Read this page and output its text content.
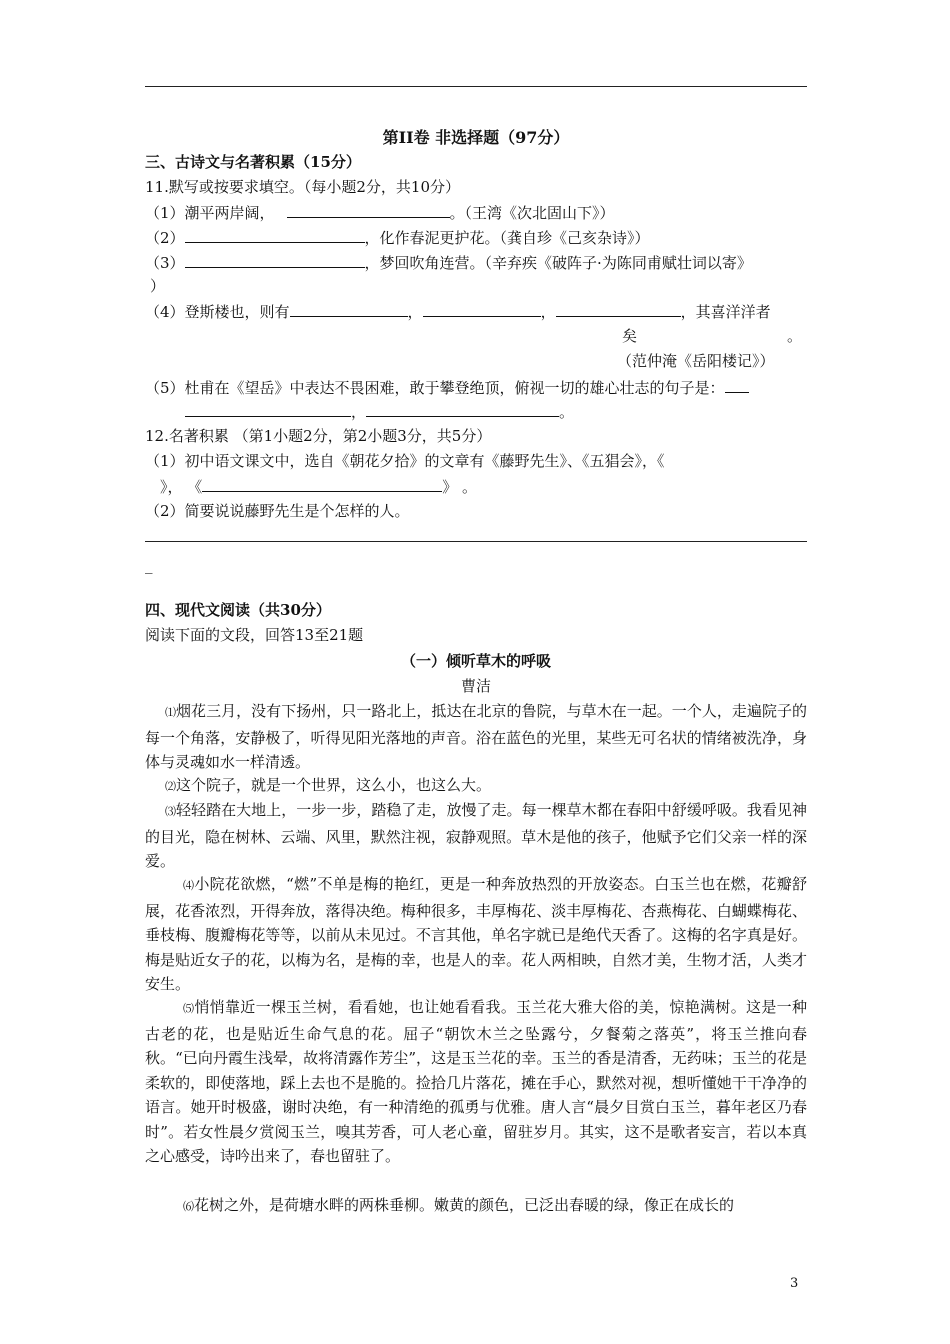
第II卷 非选择题（97分）
三、古诗文与名著积累（15分）
11.默写或按要求填空。（每小题2分，共10分）
（1）潮平两岸阔，	。（王湾《次北固山下》）
（2）	，化作春泥更护花。（龚自珍《己亥杂诗》）
（3）	，梦回吹角连营。（辛弃疾《破阵子·为陈同甫赋壮词以寄》
）
（4）登斯楼也，则有	，	，	，其喜洋洋者
矣	。
（范仲淹《岳阳楼记》）
（5）杜甫在《望岳》中表达不畏困难，敢于攀登绝顶，俯视一切的雄心壮志的句子是：
，	。
12.名著积累 （第1小题2分，第2小题3分，共5分）
（1）初中语文课文中，选自《朝花夕拾》的文章有《藤野先生》、《五猖会》，《
》， 《	》 。
（2）简要说说藤野先生是个怎样的人。
_
四、现代文阅读（共30分）
阅读下面的文段，回答13至21题
（一）倾听草木的呼吸
曹洁
⑴烟花三月，没有下扬州，只一路北上，抵达在北京的鲁院，与草木在一起。一个人，走遍院子的每一个角落，安静极了，听得见阳光落地的声音。浴在蓝色的光里，某些无可名状的情绪被洗净，身体与灵魂如水一样清透。
⑵这个院子，就是一个世界，这么小，也这么大。
⑶轻轻踏在大地上，一步一步，踏稳了走，放慢了走。每一棵草木都在春阳中舒缓呼吸。我看见神的目光，隐在树林、云端、风里，默然注视，寂静观照。草木是他的孩子，他赋予它们父亲一样的深爱。
⑷小院花欲燃，“燃”不单是梅的艳红，更是一种奔放热烈的开放姿态。白玉兰也在燃，花瓣舒展，花香浓烈，开得奔放，落得决绝。梅种很多，丰厚梅花、淡丰厚梅花、杏燕梅花、白蝴蝶梅花、垂枝梅、腹瓣梅花等等，以前从未见过。不言其他，单名字就已是绝代天香了。这梅的名字真是好。梅是贴近女子的花，以梅为名，是梅的幸，也是人的幸。花人两相映，自然才美，生物才活，人类才安生。
⑸悄悄靠近一棵玉兰树，看看她，也让她看看我。玉兰花大雅大俗的美，惊艳满树。这是一种古老的花，也是贴近生命气息的花。屈子“朝饮木兰之坠露兮，夕餐菊之落英”，将玉兰推向春秋。“已向丹霞生浅晕，故将清露作芳尘”，这是玉兰花的幸。玉兰的香是清香，无药味；玉兰的花是柔软的，即使落地，踩上去也不是脆的。捡拾几片落花，摊在手心，默然对视，想听懂她干干净净的语言。她开时极盛，谢时决绝，有一种清绝的孤勇与优雅。唐人言“晨夕目赏白玉兰，暮年老区乃春时”。若女性晨夕赏阅玉兰，嗅其芳香，可人老心童，留驻岁月。其实，这不是歌者妄言，若以本真之心感受，诗吟出来了，春也留驻了。
⑹花树之外，是荷塘水畔的两株垂柳。嫩黄的颜色，已泛出春暖的绿，像正在成长的
3
